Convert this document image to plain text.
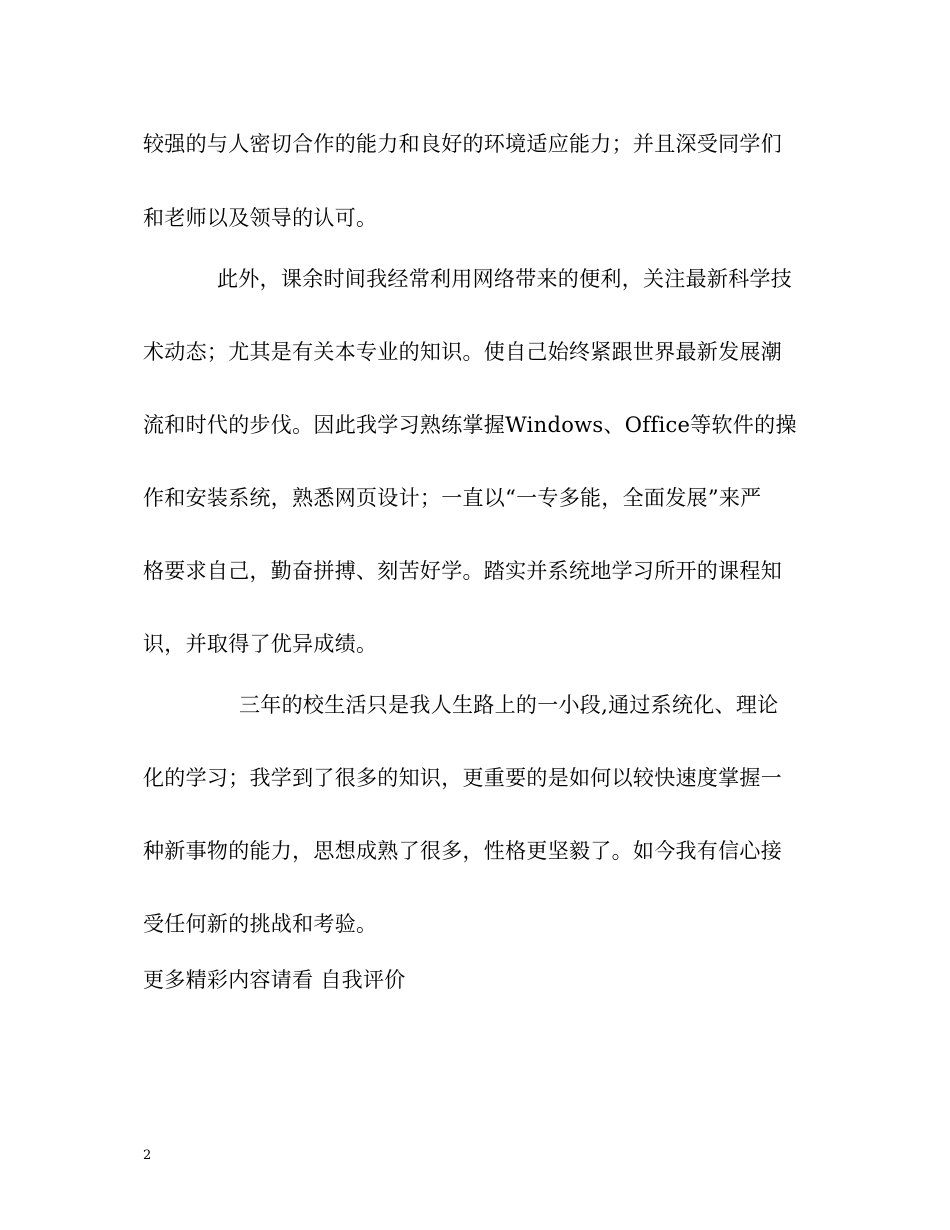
较强的与人密切合作的能力和良好的环境适应能力；并且深受同学们
和老师以及领导的认可。
此外，课余时间我经常利用网络带来的便利，关注最新科学技
术动态；尤其是有关本专业的知识。使自己始终紧跟世界最新发展潮
流和时代的步伐。因此我学习熟练掌握Windows、Office等软件的操
作和安装系统，熟悉网页设计；一直以“一专多能，全面发展”来严
格要求自己，勤奋拼搏、刻苦好学。踏实并系统地学习所开的课程知
识，并取得了优异成绩。
三年的校生活只是我人生路上的一小段,通过系统化、理论
化的学习；我学到了很多的知识，更重要的是如何以较快速度掌握一
种新事物的能力，思想成熟了很多，性格更坚毅了。如今我有信心接
受任何新的挑战和考验。
更多精彩内容请看 自我评价
2
